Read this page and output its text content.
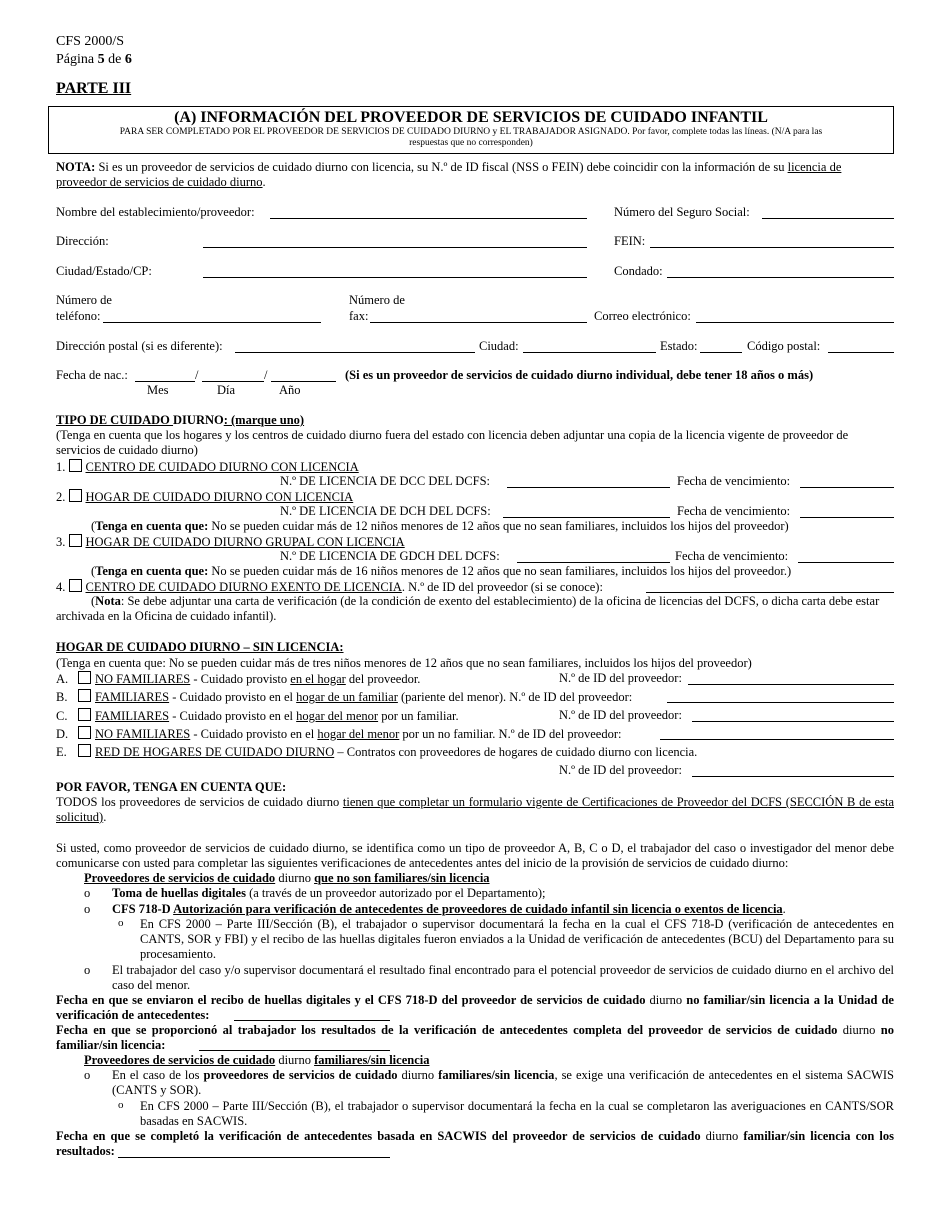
CFS 2000/S
Página 5 de 6
PARTE III
(A) INFORMACIÓN DEL PROVEEDOR DE SERVICIOS DE CUIDADO INFANTIL
PARA SER COMPLETADO POR EL PROVEEDOR DE SERVICIOS DE CUIDADO DIURNO y EL TRABAJADOR ASIGNADO. Por favor, complete todas las líneas. (N/A para las
respuestas que no corresponden)
NOTA: Si es un proveedor de servicios de cuidado diurno con licencia, su N.º de ID fiscal (NSS o FEIN) debe coincidir con la información de su licencia de proveedor de servicios de cuidado diurno.
Nombre del establecimiento/proveedor:	Número del Seguro Social:
Dirección:	FEIN:
Ciudad/Estado/CP:	Condado:
Número de
teléfono:
Número de
fax:	Correo electrónico:
Dirección postal (si es diferente):	Ciudad:	Estado:	Código postal:
Fecha de nac.:	/	/	(Si es un proveedor de servicios de cuidado diurno individual, debe tener 18 años o más)
Mes	Día	Año
TIPO DE CUIDADO DIURNO: (marque uno)
(Tenga en cuenta que los hogares y los centros de cuidado diurno fuera del estado con licencia deben adjuntar una copia de la licencia vigente de proveedor de servicios de cuidado diurno)
1. CENTRO DE CUIDADO DIURNO CON LICENCIA
N.º DE LICENCIA DE DCC DEL DCFS:	Fecha de vencimiento:
2. HOGAR DE CUIDADO DIURNO CON LICENCIA
N.º DE LICENCIA DE DCH DEL DCFS:	Fecha de vencimiento:
(Tenga en cuenta que: No se pueden cuidar más de 12 niños menores de 12 años que no sean familiares, incluidos los hijos del proveedor)
3. HOGAR DE CUIDADO DIURNO GRUPAL CON LICENCIA
N.º DE LICENCIA DE GDCH DEL DCFS:	Fecha de vencimiento:
(Tenga en cuenta que: No se pueden cuidar más de 16 niños menores de 12 años que no sean familiares, incluidos los hijos del proveedor.)
4. CENTRO DE CUIDADO DIURNO EXENTO DE LICENCIA. N.º de ID del proveedor (si se conoce):
(Nota: Se debe adjuntar una carta de verificación (de la condición de exento del establecimiento) de la oficina de licencias del DCFS, o dicha carta debe estar archivada en la Oficina de cuidado infantil).
HOGAR DE CUIDADO DIURNO – SIN LICENCIA:
(Tenga en cuenta que: No se pueden cuidar más de tres niños menores de 12 años que no sean familiares, incluidos los hijos del proveedor)
A. NO FAMILIARES - Cuidado provisto en el hogar del proveedor.	N.º de ID del proveedor:
B. FAMILIARES - Cuidado provisto en el hogar de un familiar (pariente del menor). N.º de ID del proveedor:
C. FAMILIARES - Cuidado provisto en el hogar del menor por un familiar.	N.º de ID del proveedor:
D. NO FAMILIARES - Cuidado provisto en el hogar del menor por un no familiar. N.º de ID del proveedor:
E. RED DE HOGARES DE CUIDADO DIURNO – Contratos con proveedores de hogares de cuidado diurno con licencia.
N.º de ID del proveedor:
POR FAVOR, TENGA EN CUENTA QUE:
TODOS los proveedores de servicios de cuidado diurno tienen que completar un formulario vigente de Certificaciones de Proveedor del DCFS (SECCIÓN B de esta solicitud).
Si usted, como proveedor de servicios de cuidado diurno, se identifica como un tipo de proveedor A, B, C o D, el trabajador del caso o investigador del menor debe comunicarse con usted para completar las siguientes verificaciones de antecedentes antes del inicio de la provisión de servicios de cuidado diurno:
Proveedores de servicios de cuidado diurno que no son familiares/sin licencia
o Toma de huellas digitales (a través de un proveedor autorizado por el Departamento);
o CFS 718-D Autorización para verificación de antecedentes de proveedores de cuidado infantil sin licencia o exentos de licencia.
o En CFS 2000 – Parte III/Sección (B), el trabajador o supervisor documentará la fecha en la cual el CFS 718-D (verificación de antecedentes en CANTS, SOR y FBI) y el recibo de las huellas digitales fueron enviados a la Unidad de verificación de antecedentes (BCU) del Departamento para su procesamiento.
o El trabajador del caso y/o supervisor documentará el resultado final encontrado para el potencial proveedor de servicios de cuidado diurno en el archivo del caso del menor.
Fecha en que se enviaron el recibo de huellas digitales y el CFS 718-D del proveedor de servicios de cuidado diurno no familiar/sin licencia a la Unidad de verificación de antecedentes:
Fecha en que se proporcionó al trabajador los resultados de la verificación de antecedentes completa del proveedor de servicios de cuidado diurno no familiar/sin licencia:
Proveedores de servicios de cuidado diurno familiares/sin licencia
o En el caso de los proveedores de servicios de cuidado diurno familiares/sin licencia, se exige una verificación de antecedentes en el sistema SACWIS (CANTS y SOR).
o En CFS 2000 – Parte III/Sección (B), el trabajador o supervisor documentará la fecha en la cual se completaron las averiguaciones en CANTS/SOR basadas en SACWIS.
Fecha en que se completó la verificación de antecedentes basada en SACWIS del proveedor de servicios de cuidado diurno familiar/sin licencia con los resultados:
